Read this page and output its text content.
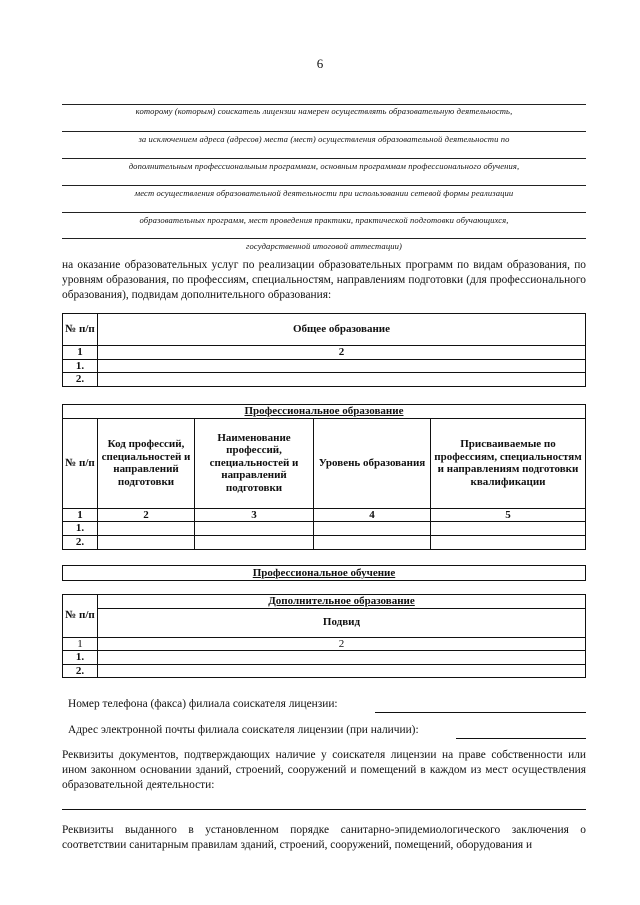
6
которому (которым) соискатель лицензии намерен осуществлять образовательную деятельность,
за исключением адреса (адресов) места (мест) осуществления образовательной деятельности по
дополнительным профессиональным программам, основным программам профессионального обучения,
мест осуществления образовательной деятельности при использовании сетевой формы реализации
образовательных программ, мест проведения практики, практической подготовки обучающихся,
государственной итоговой аттестации)
на оказание образовательных услуг по реализации образовательных программ по видам образования, по уровням образования, по профессиям, специальностям, направлениям подготовки (для профессионального образования), подвидам дополнительного образования:
№ п/п	Общее образование
1	2
1.	
2.	
Профессиональное образование				
№ п/п	Код профессий, специальностей и направлений подготовки	Наименование профессий, специальностей и направлений подготовки	Уровень образования	Присваиваемые по профессиям, специальностям и направлениям подготовки квалификации
1	2	3	4	5
1.				
2.				
Профессиональное обучение
№ п/п	Дополнительное образование
	Подвид
1	2
1.	
2.	
Номер телефона (факса) филиала соискателя лицензии:
Адрес электронной почты филиала соискателя лицензии (при наличии):
Реквизиты документов, подтверждающих наличие у соискателя лицензии на праве собственности или ином законном основании зданий, строений, сооружений и помещений в каждом из мест осуществления образовательной деятельности:
Реквизиты выданного в установленном порядке санитарно-эпидемиологического заключения о соответствии санитарным правилам зданий, строений, сооружений, помещений, оборудования и
